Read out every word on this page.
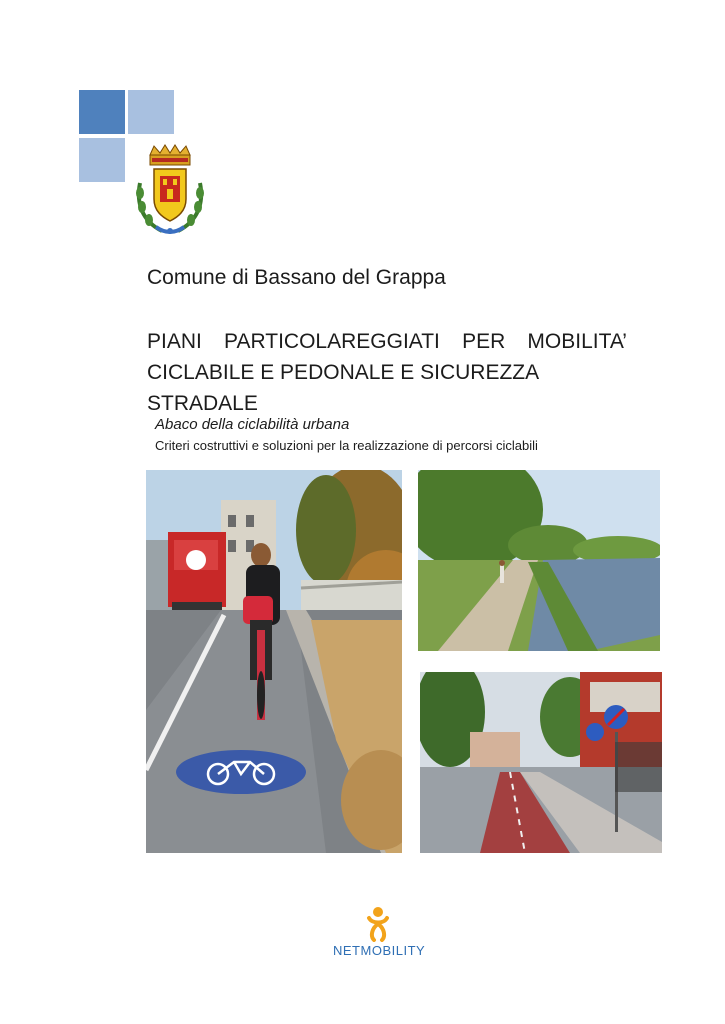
Comune di Bassano del Grappa
PIANI PARTICOLAREGGIATI PER MOBILITA’
CICLABILE E PEDONALE E SICUREZZA STRADALE
Abaco della ciclabilità urbana
Criteri costruttivi e soluzioni per la realizzazione di percorsi ciclabili
NETMOBILITY
